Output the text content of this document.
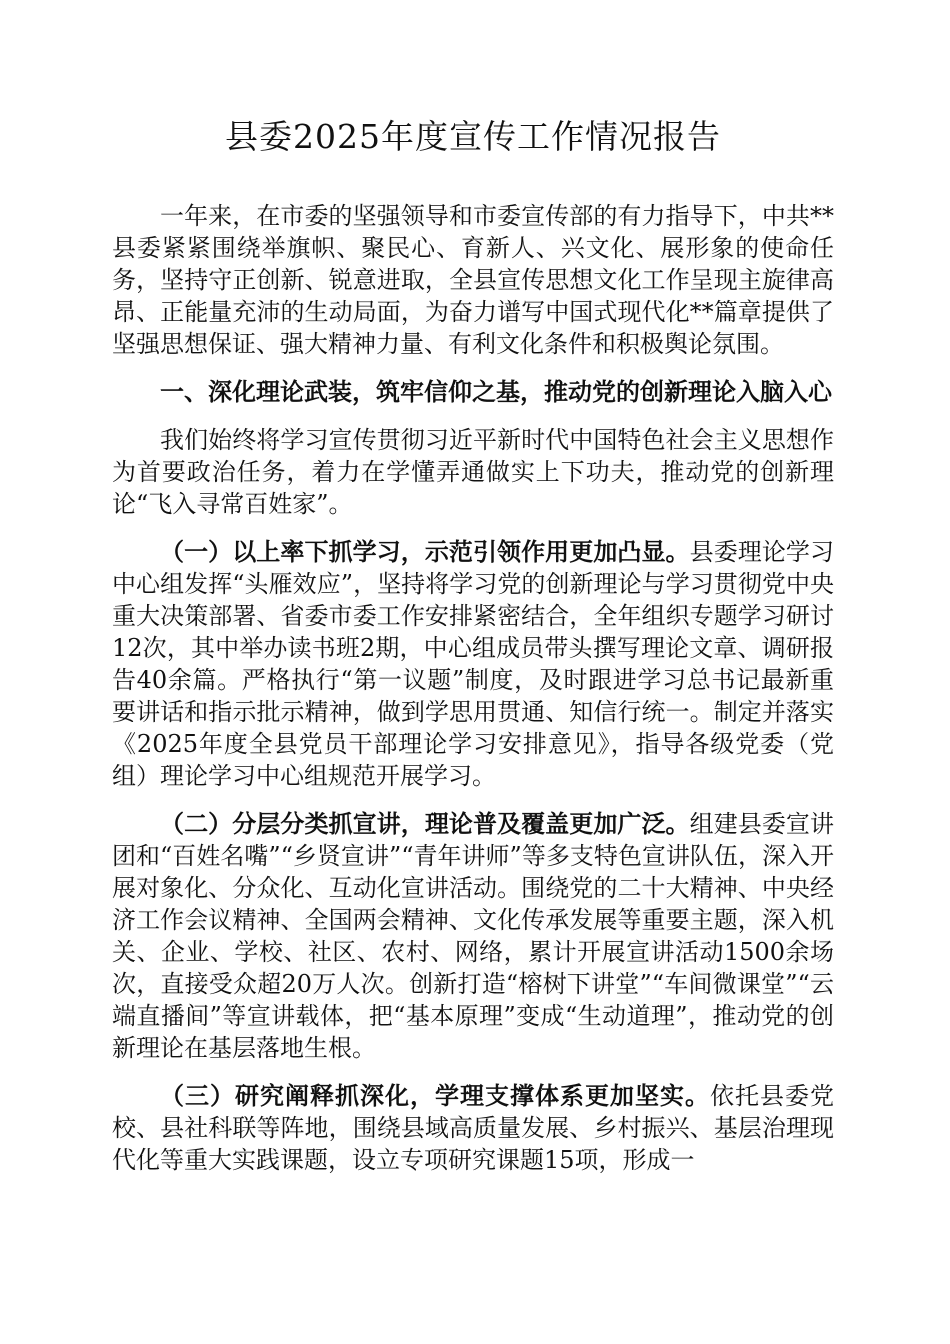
县委2025年度宣传工作情况报告

一年来，在市委的坚强领导和市委宣传部的有力指导下，中共**县委紧紧围绕举旗帜、聚民心、育新人、兴文化、展形象的使命任务，坚持守正创新、锐意进取，全县宣传思想文化工作呈现主旋律高昂、正能量充沛的生动局面，为奋力谱写中国式现代化**篇章提供了坚强思想保证、强大精神力量、有利文化条件和积极舆论氛围。

一、深化理论武装，筑牢信仰之基，推动党的创新理论入脑入心

我们始终将学习宣传贯彻习近平新时代中国特色社会主义思想作为首要政治任务，着力在学懂弄通做实上下功夫，推动党的创新理论“飞入寻常百姓家”。

（一）以上率下抓学习，示范引领作用更加凸显。县委理论学习中心组发挥“头雁效应”，坚持将学习党的创新理论与学习贯彻党中央重大决策部署、省委市委工作安排紧密结合，全年组织专题学习研讨12次，其中举办读书班2期，中心组成员带头撰写理论文章、调研报告40余篇。严格执行“第一议题”制度，及时跟进学习总书记最新重要讲话和指示批示精神，做到学思用贯通、知信行统一。制定并落实《2025年度全县党员干部理论学习安排意见》，指导各级党委（党组）理论学习中心组规范开展学习。

（二）分层分类抓宣讲，理论普及覆盖更加广泛。组建县委宣讲团和“百姓名嘴”“乡贤宣讲”“青年讲师”等多支特色宣讲队伍，深入开展对象化、分众化、互动化宣讲活动。围绕党的二十大精神、中央经济工作会议精神、全国两会精神、文化传承发展等重要主题，深入机关、企业、学校、社区、农村、网络，累计开展宣讲活动1500余场次，直接受众超20万人次。创新打造“榕树下讲堂”“车间微课堂”“云端直播间”等宣讲载体，把“基本原理”变成“生动道理”，推动党的创新理论在基层落地生根。

（三）研究阐释抓深化，学理支撑体系更加坚实。依托县委党校、县社科联等阵地，围绕县域高质量发展、乡村振兴、基层治理现代化等重大实践课题，设立专项研究课题15项，形成一
